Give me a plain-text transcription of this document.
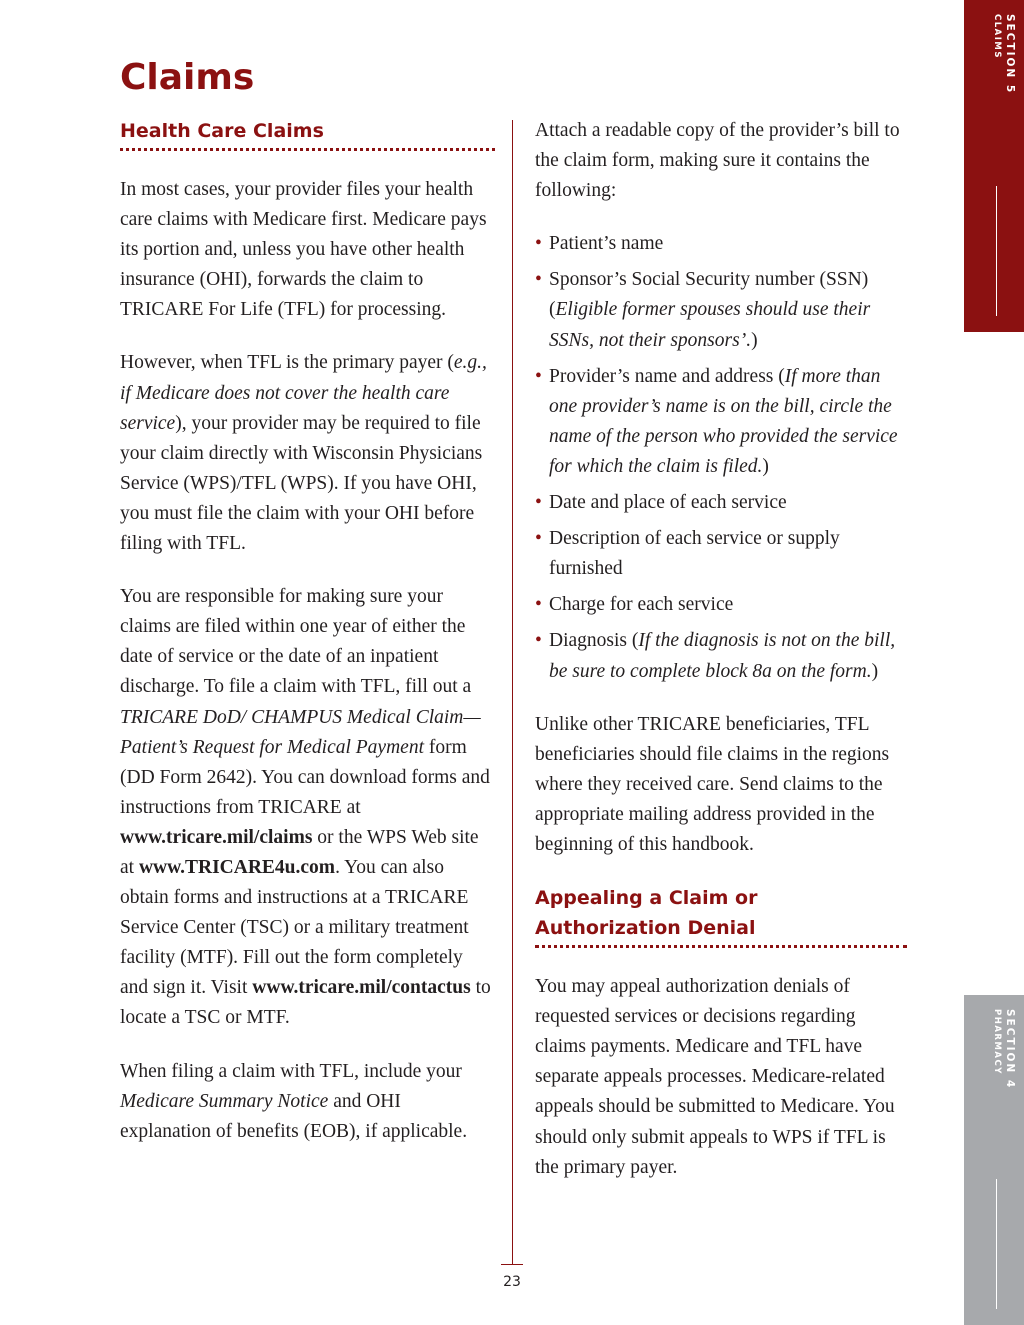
Claims
Health Care Claims

In most cases, your provider files your health care claims with Medicare first. Medicare pays its portion and, unless you have other health insurance (OHI), forwards the claim to TRICARE For Life (TFL) for processing.

However, when TFL is the primary payer (e.g., if Medicare does not cover the health care service), your provider may be required to file your claim directly with Wisconsin Physicians Service (WPS)/TFL (WPS). If you have OHI, you must file the claim with your OHI before filing with TFL.

You are responsible for making sure your claims are filed within one year of either the date of service or the date of an inpatient discharge. To file a claim with TFL, fill out a TRICARE DoD/ CHAMPUS Medical Claim—Patient’s Request for Medical Payment form (DD Form 2642). You can download forms and instructions from TRICARE at www.tricare.mil/claims or the WPS Web site at www.TRICARE4u.com. You can also obtain forms and instructions at a TRICARE Service Center (TSC) or a military treatment facility (MTF). Fill out the form completely and sign it. Visit www.tricare.mil/contactus to locate a TSC or MTF.

When filing a claim with TFL, include your Medicare Summary Notice and OHI explanation of benefits (EOB), if applicable.

Attach a readable copy of the provider’s bill to the claim form, making sure it contains the following:

• Patient’s name
• Sponsor’s Social Security number (SSN) (Eligible former spouses should use their SSNs, not their sponsors’.)
• Provider’s name and address (If more than one provider’s name is on the bill, circle the name of the person who provided the service for which the claim is filed.)
• Date and place of each service
• Description of each service or supply furnished
• Charge for each service
• Diagnosis (If the diagnosis is not on the bill, be sure to complete block 8a on the form.)

Unlike other TRICARE beneficiaries, TFL beneficiaries should file claims in the regions where they received care. Send claims to the appropriate mailing address provided in the beginning of this handbook.

Appealing a Claim or Authorization Denial

You may appeal authorization denials of requested services or decisions regarding claims payments. Medicare and TFL have separate appeals processes. Medicare-related appeals should be submitted to Medicare. You should only submit appeals to WPS if TFL is the primary payer.

23
SECTION 5
CLAIMS
SECTION 4
PHARMACY
